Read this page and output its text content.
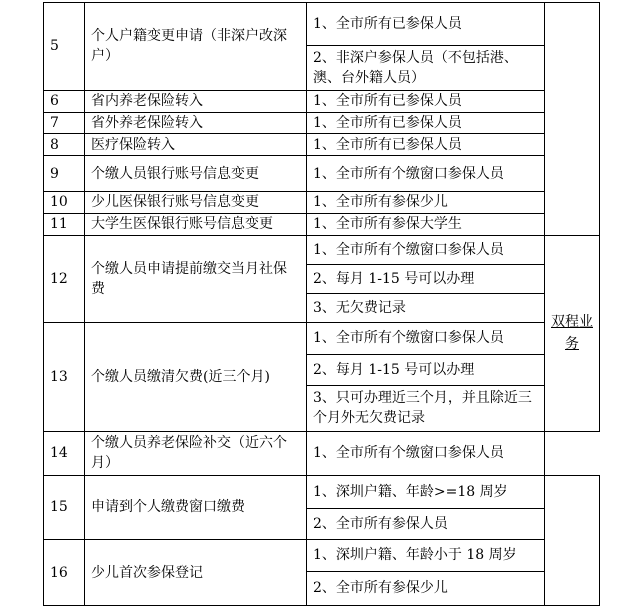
5	个人户籍变更申请（非深户改深户）	1、全市所有已参保人员	
		2、非深户参保人员（不包括港、澳、台外籍人员）	
6	省内养老保险转入	1、全市所有已参保人员	
7	省外养老保险转入	1、全市所有已参保人员	
8	医疗保险转入	1、全市所有已参保人员	
9	个缴人员银行账号信息变更	1、全市所有个缴窗口参保人员	
10	少儿医保银行账号信息变更	1、全市所有参保少儿	
11	大学生医保银行账号信息变更	1、全市所有参保大学生	
12	个缴人员申请提前缴交当月社保费	1、全市所有个缴窗口参保人员	双程业务
		2、每月 1-15 号可以办理	
		3、无欠费记录	
13	个缴人员缴清欠费(近三个月)	1、全市所有个缴窗口参保人员	
		2、每月 1-15 号可以办理	
		3、只可办理近三个月，并且除近三个月外无欠费记录	
14	个缴人员养老保险补交（近六个月）	1、全市所有个缴窗口参保人员	
15	申请到个人缴费窗口缴费	1、深圳户籍、年龄>=18 周岁	
		2、全市所有参保人员	
16	少儿首次参保登记	1、深圳户籍、年龄小于 18 周岁	
		2、全市所有参保少儿	
